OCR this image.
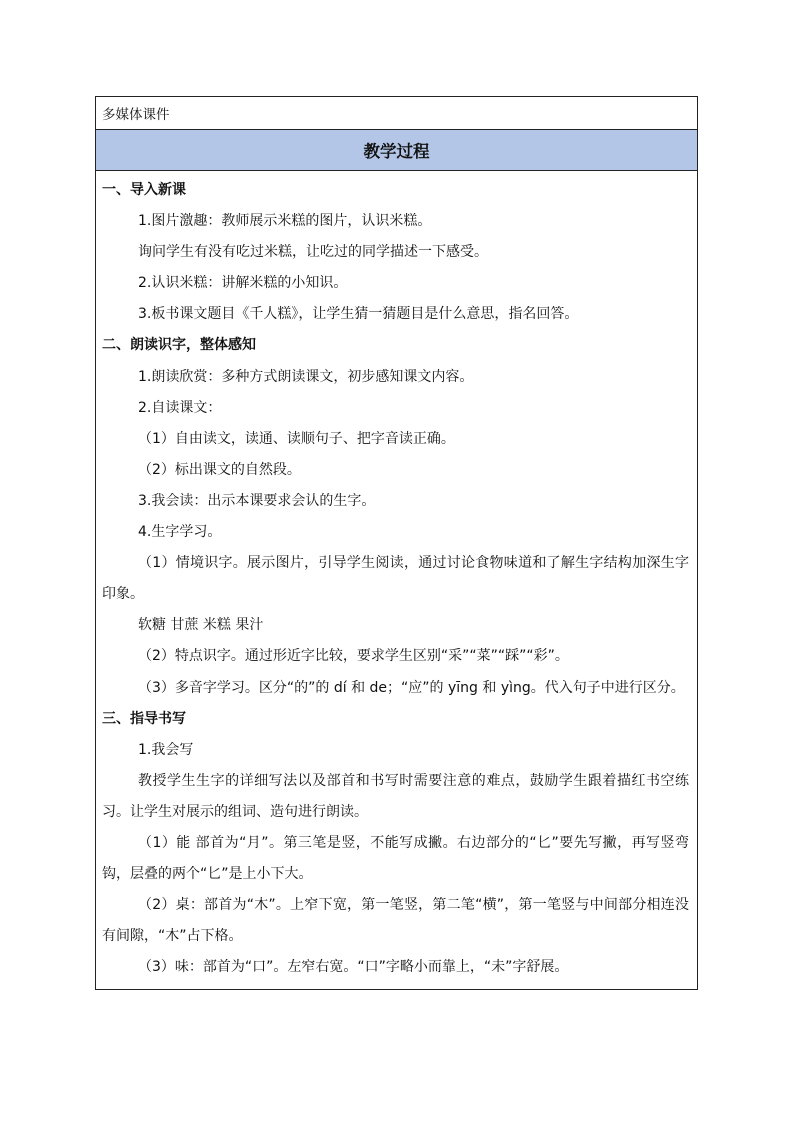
多媒体课件
教学过程
一、导入新课
1.图片激趣：教师展示米糕的图片，认识米糕。
询问学生有没有吃过米糕，让吃过的同学描述一下感受。
2.认识米糕：讲解米糕的小知识。
3.板书课文题目《千人糕》，让学生猜一猜题目是什么意思，指名回答。
二、朗读识字，整体感知
1.朗读欣赏：多种方式朗读课文，初步感知课文内容。
2.自读课文：
（1）自由读文，读通、读顺句子、把字音读正确。
（2）标出课文的自然段。
3.我会读：出示本课要求会认的生字。
4.生字学习。
（1）情境识字。展示图片，引导学生阅读，通过讨论食物味道和了解生字结构加深生字印象。
软糖 甘蔗 米糕 果汁
（2）特点识字。通过形近字比较，要求学生区别“采”“菜”“踩”“彩”。
（3）多音字学习。区分“的”的 dí 和 de；“应”的 yīng 和 yìng。代入句子中进行区分。
三、指导书写
1.我会写
教授学生生字的详细写法以及部首和书写时需要注意的难点，鼓励学生跟着描红书空练习。让学生对展示的组词、造句进行朗读。
（1）能 部首为“月”。第三笔是竖，不能写成撇。右边部分的“匕”要先写撇，再写竖弯钩，层叠的两个“匕”是上小下大。
（2）桌：部首为“木”。上窄下宽，第一笔竖，第二笔“横”，第一笔竖与中间部分相连没有间隙，“木”占下格。
（3）味：部首为“口”。左窄右宽。“口”字略小而靠上，“未”字舒展。
